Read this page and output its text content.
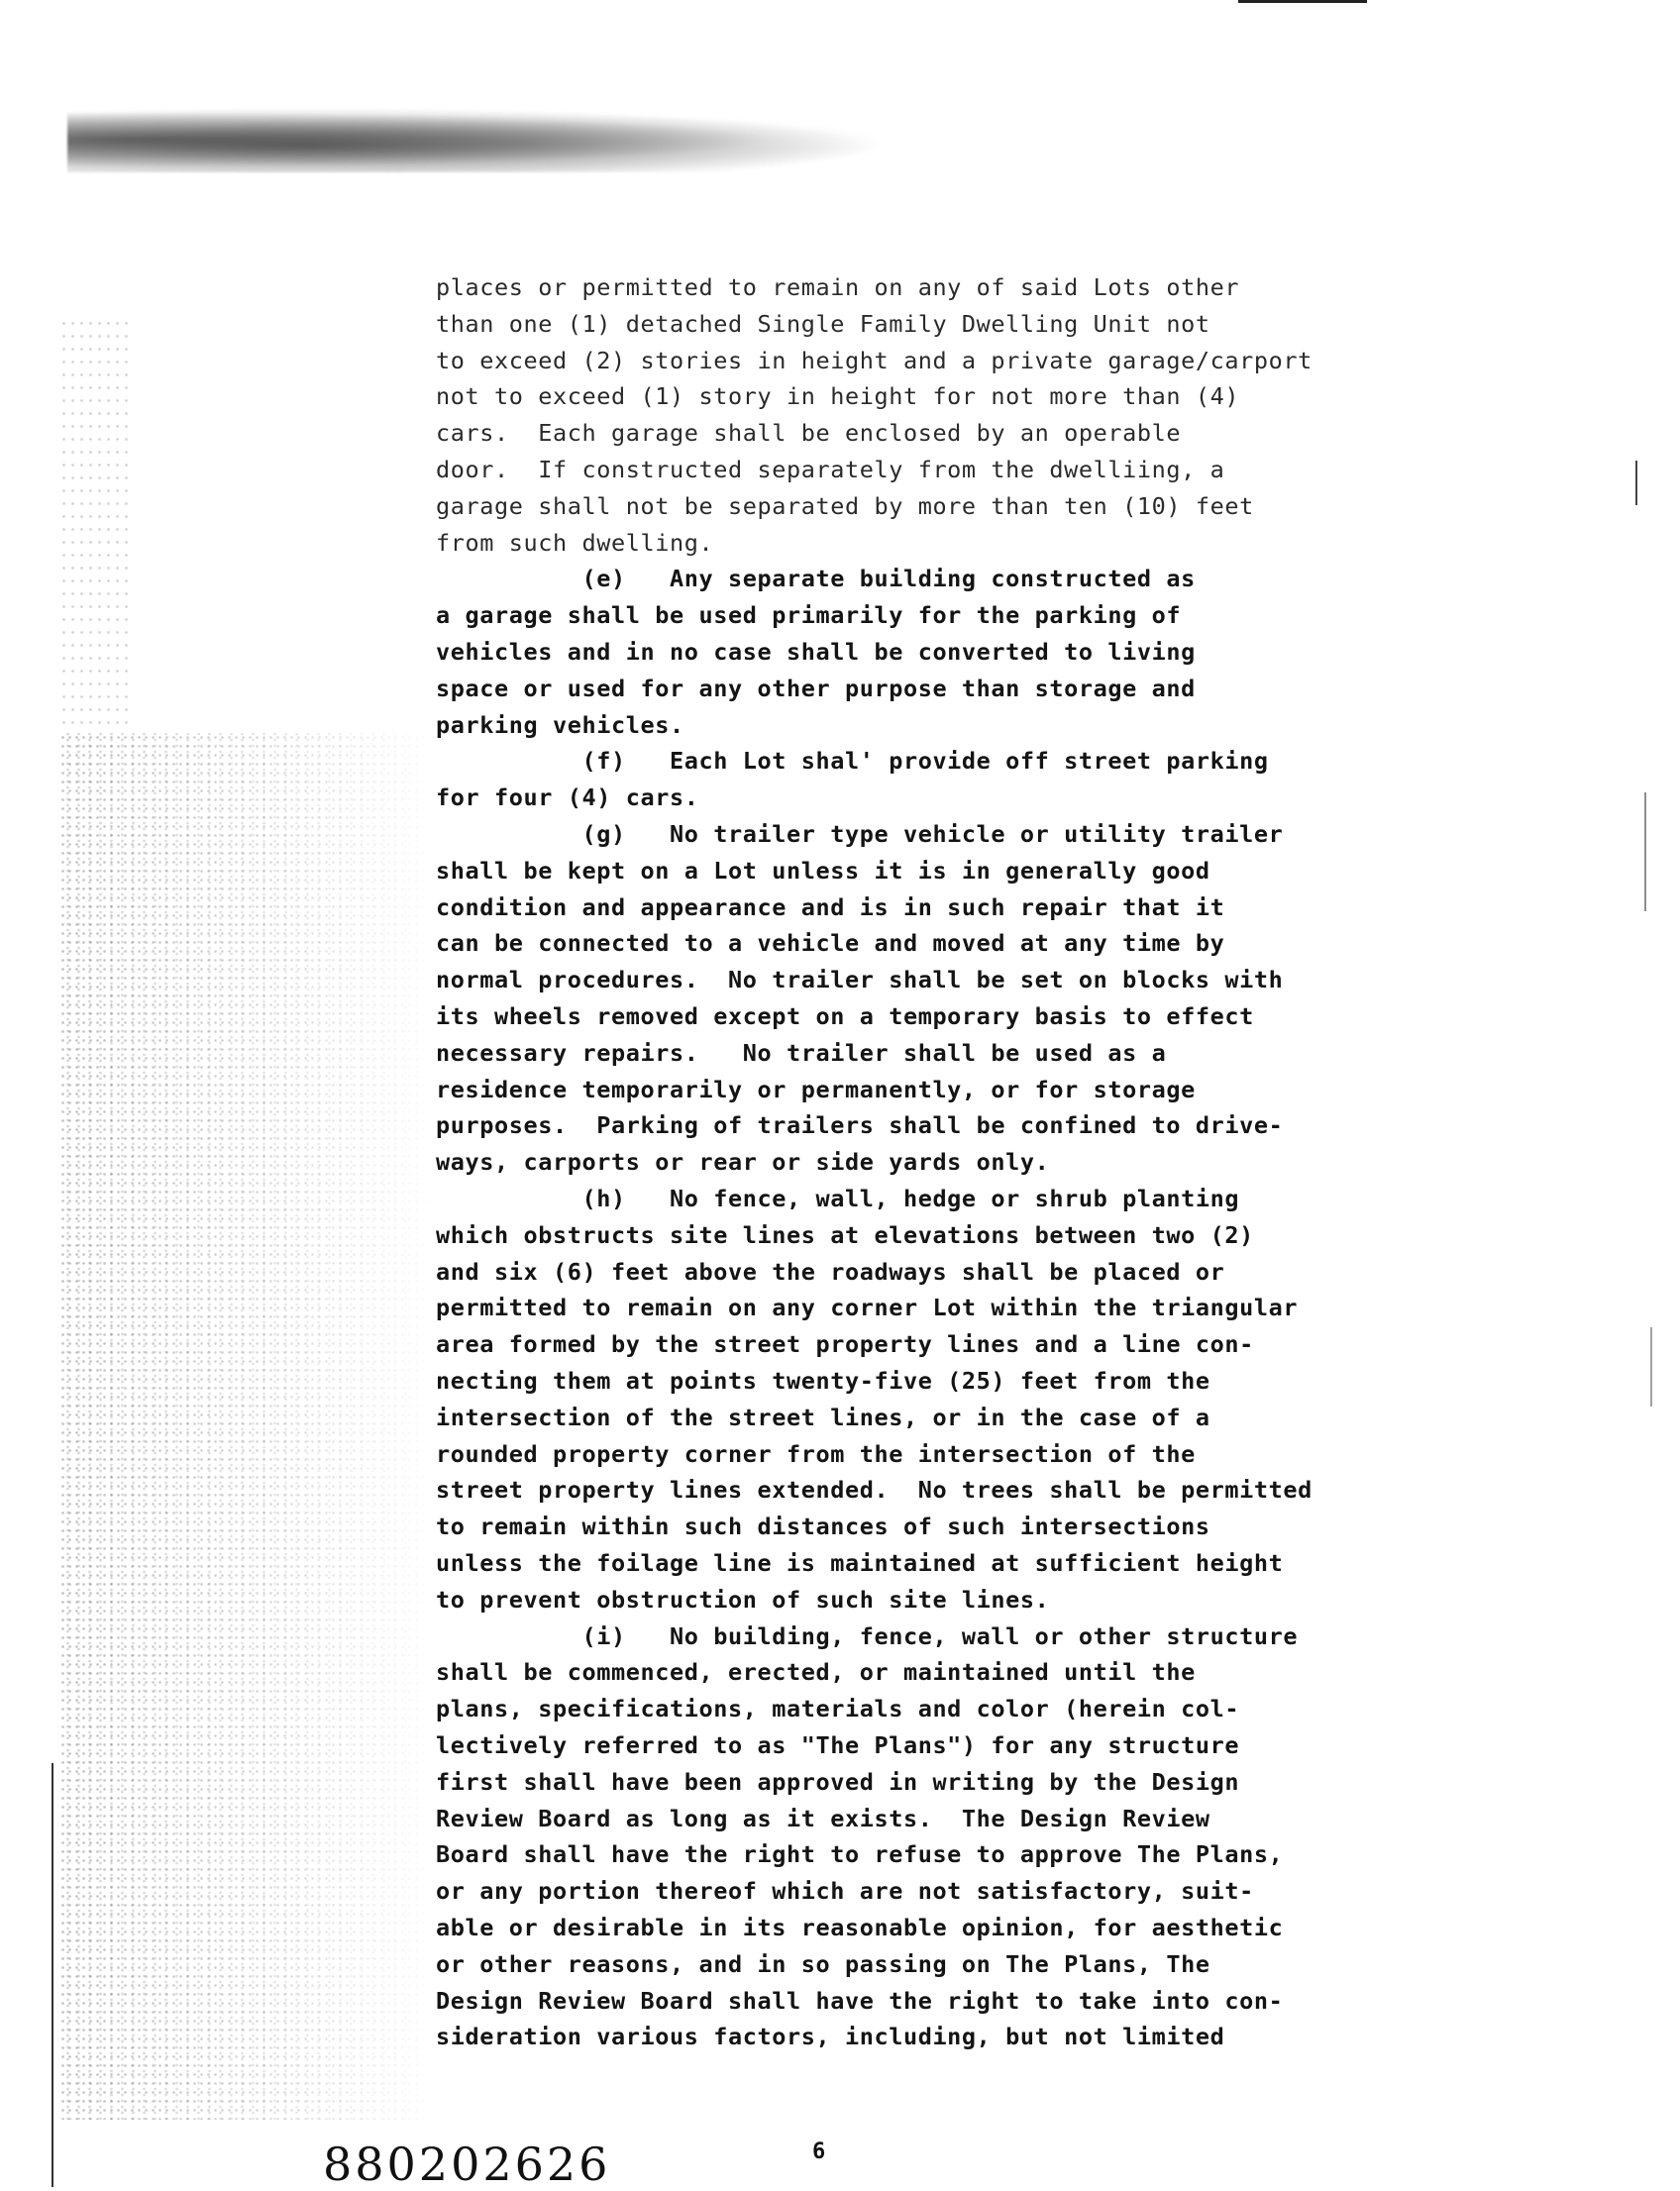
places or permitted to remain on any of said Lots other
than one (1) detached Single Family Dwelling Unit not
to exceed (2) stories in height and a private garage/carport
not to exceed (1) story in height for not more than (4)
cars.  Each garage shall be enclosed by an operable
door.  If constructed separately from the dwelliing, a
garage shall not be separated by more than ten (10) feet
from such dwelling.
(e)   Any separate building constructed as
a garage shall be used primarily for the parking of
vehicles and in no case shall be converted to living
space or used for any other purpose than storage and
parking vehicles.
(f)   Each Lot shal' provide off street parking
for four (4) cars.
(g)   No trailer type vehicle or utility trailer
shall be kept on a Lot unless it is in generally good
condition and appearance and is in such repair that it
can be connected to a vehicle and moved at any time by
normal procedures.  No trailer shall be set on blocks with
its wheels removed except on a temporary basis to effect
necessary repairs.   No trailer shall be used as a
residence temporarily or permanently, or for storage
purposes.  Parking of trailers shall be confined to drive-
ways, carports or rear or side yards only.
(h)   No fence, wall, hedge or shrub planting
which obstructs site lines at elevations between two (2)
and six (6) feet above the roadways shall be placed or
permitted to remain on any corner Lot within the triangular
area formed by the street property lines and a line con-
necting them at points twenty-five (25) feet from the
intersection of the street lines, or in the case of a
rounded property corner from the intersection of the
street property lines extended.  No trees shall be permitted
to remain within such distances of such intersections
unless the foilage line is maintained at sufficient height
to prevent obstruction of such site lines.
(i)   No building, fence, wall or other structure
shall be commenced, erected, or maintained until the
plans, specifications, materials and color (herein col-
lectively referred to as "The Plans") for any structure
first shall have been approved in writing by the Design
Review Board as long as it exists.  The Design Review
Board shall have the right to refuse to approve The Plans,
or any portion thereof which are not satisfactory, suit-
able or desirable in its reasonable opinion, for aesthetic
or other reasons, and in so passing on The Plans, The
Design Review Board shall have the right to take into con-
sideration various factors, including, but not limited
6
880202626
